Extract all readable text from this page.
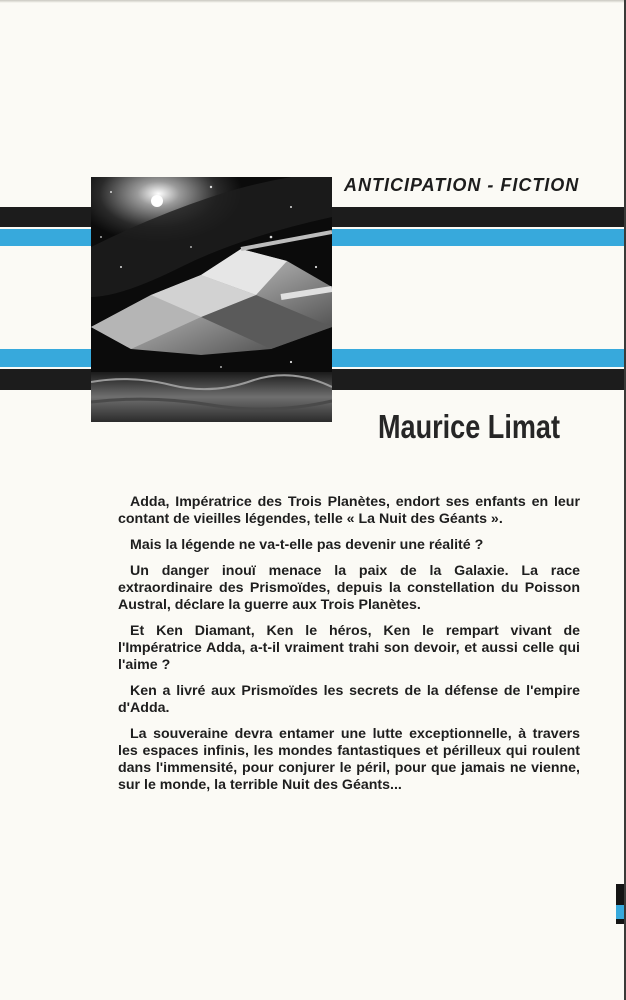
ANTICIPATION - FICTION
Maurice Limat

Adda, Impératrice des Trois Planètes, endort ses enfants en leur contant de vieilles légendes, telle « La Nuit des Géants ».

Mais la légende ne va-t-elle pas devenir une réalité ?

Un danger inouï menace la paix de la Galaxie. La race extraordinaire des Prismoïdes, depuis la constellation du Poisson Austral, déclare la guerre aux Trois Planètes.

Et Ken Diamant, Ken le héros, Ken le rempart vivant de l'Impératrice Adda, a-t-il vraiment trahi son devoir, et aussi celle qui l'aime ?

Ken a livré aux Prismoïdes les secrets de la défense de l'empire d'Adda.

La souveraine devra entamer une lutte exceptionnelle, à travers les espaces infinis, les mondes fantastiques et périlleux qui roulent dans l'immensité, pour conjurer le péril, pour que jamais ne vienne, sur le monde, la terrible Nuit des Géants...
